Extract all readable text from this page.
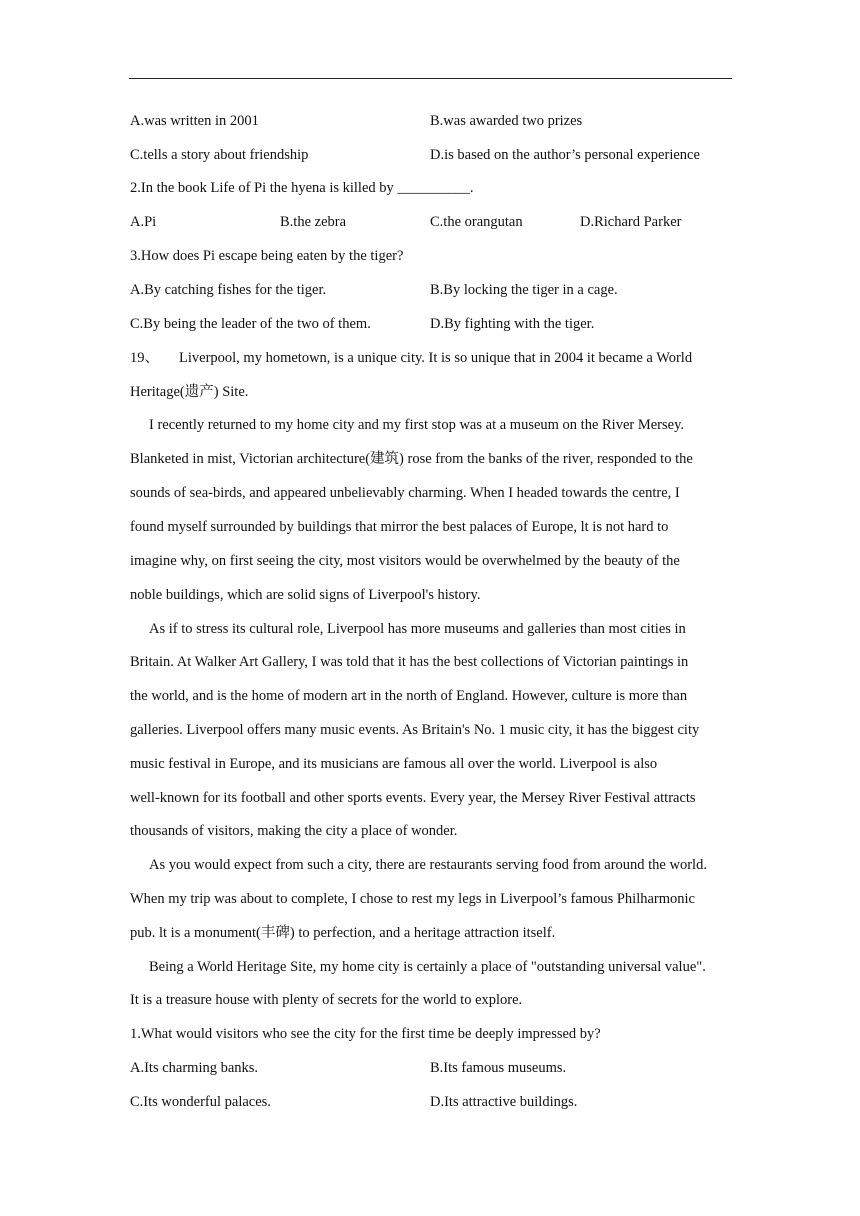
A.was written in 2001	B.was awarded two prizes
C.tells a story about friendship	D.is based on the author’s personal experience
2.In the book Life of Pi the hyena is killed by __________.
A.Pi	B.the zebra	C.the orangutan	D.Richard Parker
3.How does Pi escape being eaten by the tiger?
A.By catching fishes for the tiger.	B.By locking the tiger in a cage.
C.By being the leader of the two of them.	D.By fighting with the tiger.
19、 Liverpool, my hometown, is a unique city. It is so unique that in 2004 it became a World
Heritage(遗产) Site.
I recently returned to my home city and my first stop was at a museum on the River Mersey.
Blanketed in mist, Victorian architecture(建筑) rose from the banks of the river, responded to the
sounds of sea-birds, and appeared unbelievably charming. When I headed towards the centre, I
found myself surrounded by buildings that mirror the best palaces of Europe, lt is not hard to
imagine why, on first seeing the city, most visitors would be overwhelmed by the beauty of the
noble buildings, which are solid signs of Liverpool's history.
As if to stress its cultural role, Liverpool has more museums and galleries than most cities in
Britain. At Walker Art Gallery, I was told that it has the best collections of Victorian paintings in
the world, and is the home of modern art in the north of England. However, culture is more than
galleries. Liverpool offers many music events. As Britain's No. 1 music city, it has the biggest city
music festival in Europe, and its musicians are famous all over the world. Liverpool is also
well-known for its football and other sports events. Every year, the Mersey River Festival attracts
thousands of visitors, making the city a place of wonder.
As you would expect from such a city, there are restaurants serving food from around the world.
When my trip was about to complete, I chose to rest my legs in Liverpool’s famous Philharmonic
pub. lt is a monument(丰碑) to perfection, and a heritage attraction itself.
Being a World Heritage Site, my home city is certainly a place of "outstanding universal value".
It is a treasure house with plenty of secrets for the world to explore.
1.What would visitors who see the city for the first time be deeply impressed by?
A.Its charming banks.	B.Its famous museums.
C.Its wonderful palaces.	D.Its attractive buildings.
